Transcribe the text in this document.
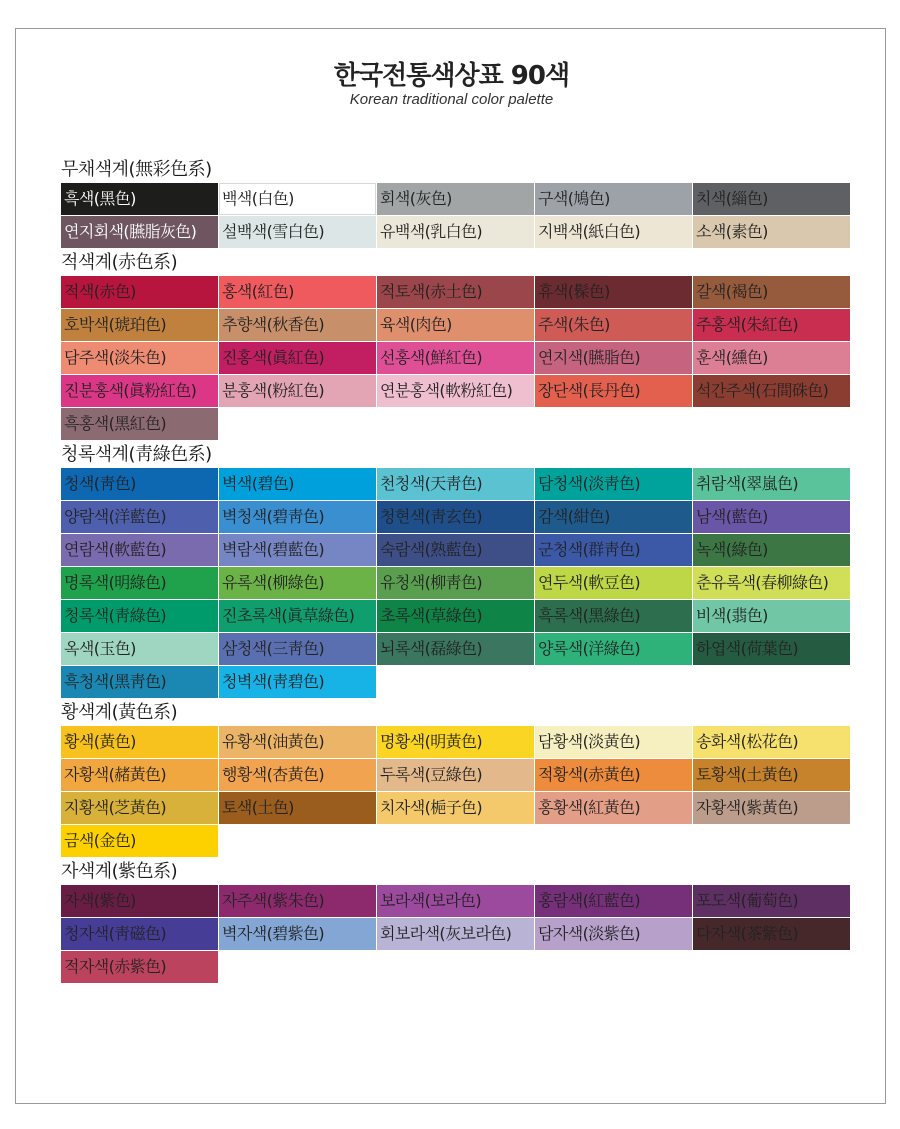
한국전통색상표 90색
Korean traditional color palette
무채색계(無彩色系)
흑색(黑色)	백색(白色)	회색(灰色)	구색(鳩色)	치색(緇色)
연지회색(臙脂灰色)	설백색(雪白色)	유백색(乳白色)	지백색(紙白色)	소색(素色)
적색계(赤色系)
적색(赤色)	홍색(紅色)	적토색(赤土色)	휴색(髹色)	갈색(褐色)
호박색(琥珀色)	추향색(秋香色)	육색(肉色)	주색(朱色)	주홍색(朱紅色)
담주색(淡朱色)	진홍색(眞紅色)	선홍색(鮮紅色)	연지색(臙脂色)	훈색(纁色)
진분홍색(眞粉紅色)	분홍색(粉紅色)	연분홍색(軟粉紅色)	장단색(長丹色)	석간주색(石間硃色)
흑홍색(黑紅色)
청록색계(靑綠色系)
청색(靑色)	벽색(碧色)	천청색(天靑色)	담청색(淡靑色)	취람색(翠嵐色)
양람색(洋藍色)	벽청색(碧靑色)	청현색(靑玄色)	감색(紺色)	남색(藍色)
연람색(軟藍色)	벽람색(碧藍色)	숙람색(熟藍色)	군청색(群靑色)	녹색(綠色)
명록색(明綠色)	유록색(柳綠色)	유청색(柳靑色)	연두색(軟豆色)	춘유록색(春柳綠色)
청록색(靑綠色)	진초록색(眞草綠色)	초록색(草綠色)	흑록색(黑綠色)	비색(翡色)
옥색(玉色)	삼청색(三靑色)	뇌록색(磊綠色)	양록색(洋綠色)	하엽색(荷葉色)
흑청색(黑靑色)	청벽색(靑碧色)
황색계(黃色系)
황색(黃色)	유황색(油黃色)	명황색(明黃色)	담황색(淡黃色)	송화색(松花色)
자황색(赭黃色)	행황색(杏黃色)	두록색(豆綠色)	적황색(赤黃色)	토황색(土黃色)
지황색(芝黃色)	토색(土色)	치자색(梔子色)	홍황색(紅黃色)	자황색(紫黃色)
금색(金色)
자색계(紫色系)
자색(紫色)	자주색(紫朱色)	보라색(보라色)	홍람색(紅藍色)	포도색(葡萄色)
청자색(靑磁色)	벽자색(碧紫色)	회보라색(灰보라色)	담자색(淡紫色)	다자색(茶紫色)
적자색(赤紫色)
